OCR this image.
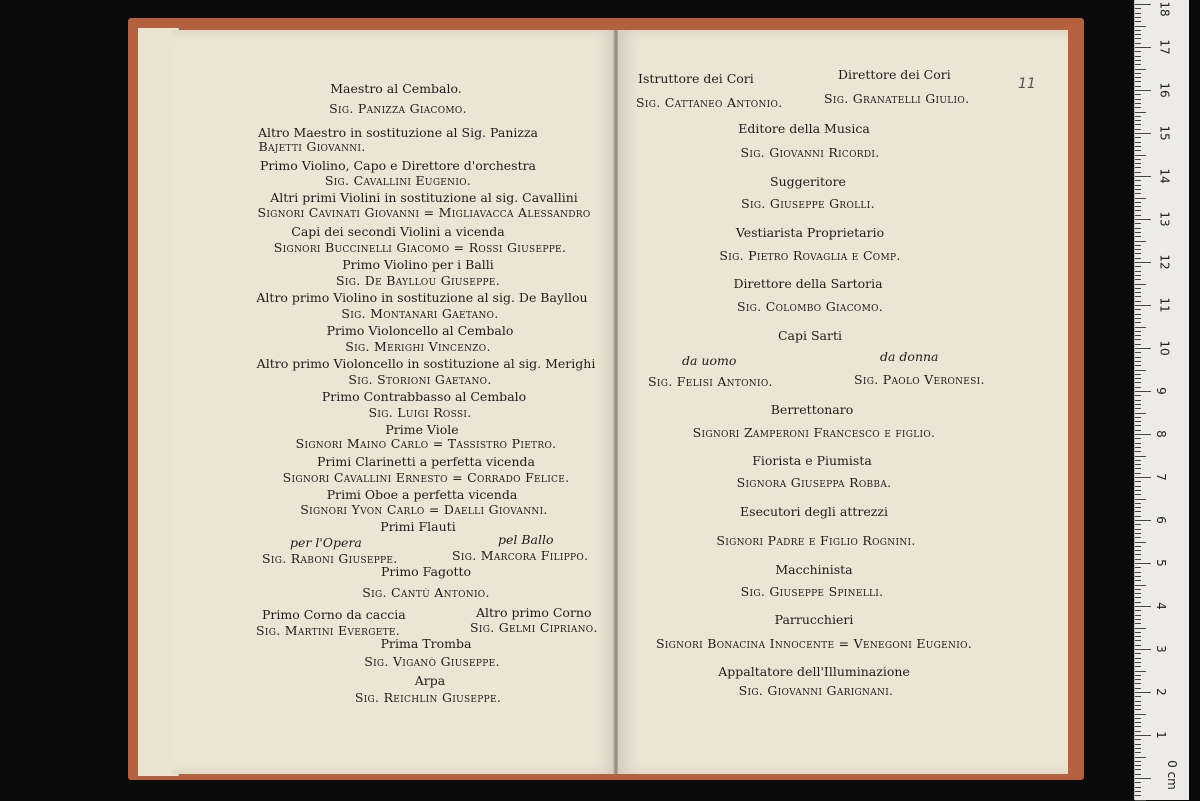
Maestro al Cembalo.
Sig. Panizza Giacomo.
Altro Maestro in sostituzione al Sig. Panizza
Bajetti Giovanni.
Primo Violino, Capo e Direttore d'orchestra
Sig. Cavallini Eugenio.
Altri primi Violini in sostituzione al sig. Cavallini
Signori Cavinati Giovanni = Migliavacca Alessandro
Capi dei secondi Violini a vicenda
Signori Buccinelli Giacomo = Rossi Giuseppe.
Primo Violino per i Balli
Sig. De Bayllou Giuseppe.
Altro primo Violino in sostituzione al sig. De Bayllou
Sig. Montanari Gaetano.
Primo Violoncello al Cembalo
Sig. Merighi Vincenzo.
Altro primo Violoncello in sostituzione al sig. Merighi
Sig. Storioni Gaetano.
Primo Contrabbasso al Cembalo
Sig. Luigi Rossi.
Prime Viole
Signori Maino Carlo = Tassistro Pietro.
Primi Clarinetti a perfetta vicenda
Signori Cavallini Ernesto = Corrado Felice.
Primi Oboe a perfetta vicenda
Signori Yvon Carlo = Daelli Giovanni.
Primi Flauti
per l'Opera	pel Ballo
Sig. Raboni Giuseppe.	Sig. Marcora Filippo.
Primo Fagotto
Sig. Cantù Antonio.
Primo Corno da caccia	Altro primo Corno
Sig. Martini Evergete.	Sig. Gelmi Cipriano.
Prima Tromba
Sig. Viganò Giuseppe.
Arpa
Sig. Reichlin Giuseppe.
Istruttore dei Cori	Direttore dei Cori
Sig. Cattaneo Antonio.	Sig. Granatelli Giulio.
Editore della Musica
Sig. Giovanni Ricordi.
Suggeritore
Sig. Giuseppe Grolli.
Vestiarista Proprietario
Sig. Pietro Rovaglia e Comp.
Direttore della Sartoria
Sig. Colombo Giacomo.
Capi Sarti
da uomo	da donna
Sig. Felisi Antonio.	Sig. Paolo Veronesi.
Berrettonaro
Signori Zamperoni Francesco e figlio.
Fiorista e Piumista
Signora Giuseppa Robba.
Esecutori degli attrezzi
Signori Padre e Figlio Rognini.
Macchinista
Sig. Giuseppe Spinelli.
Parrucchieri
Signori Bonacina Innocente = Venegoni Eugenio.
Appaltatore dell'Illuminazione
Sig. Giovanni Garignani.
11
18
17
16
15
14
13
12
11
10
9
8
7
6
5
4
3
2
1
0 cm
